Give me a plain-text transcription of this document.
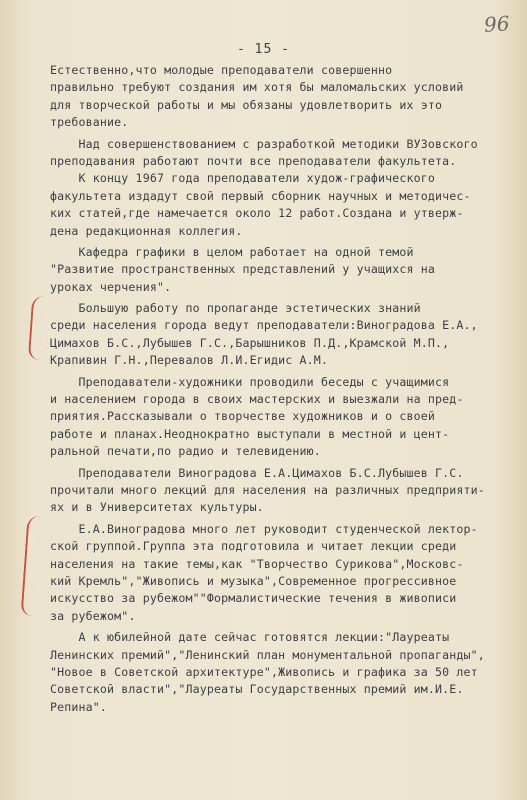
96
- 15 -
Естественно,что молодые преподаватели совершенно
правильно требуют создания им хотя бы маломальских условий
для творческой работы и мы обязаны удовлетворить их это
требование.
Над совершенствованием с разработкой методики ВУЗовского
преподавания работают почти все преподаватели факультета.
К концу 1967 года преподаватели худож-графического
факультета издадут свой первый сборник научных и методичес-
ких статей,где намечается около 12 работ.Создана и утверж-
дена редакционная коллегия.
Кафедра графики в целом работает на одной темой
"Развитие пространственных представлений у учащихся на
уроках черчения".
Большую работу по пропаганде эстетических знаний
среди населения города ведут преподаватели:Виноградова Е.А.,
Цимахов Б.С.,Лубышев Г.С.,Барышников П.Д.,Крамской М.П.,
Крапивин Г.Н.,Перевалов Л.И.Егидис А.М.
Преподаватели-художники проводили беседы с учащимися
и населением города в своих мастерских и выезжали на пред-
приятия.Рассказывали о творчестве художников и о своей
работе и планах.Неоднократно выступали в местной и цент-
ральной печати,по радио и телевидению.
Преподаватели Виноградова Е.А.Цимахов Б.С.Лубышев Г.С.
прочитали много лекций для населения на различных предприяти-
ях и в Университетах культуры.
Е.А.Виноградова много лет руководит студенческой лектор-
ской группой.Группа эта подготовила и читает лекции среди
населения на такие темы,как "Творчество Сурикова",Московс-
кий Кремль","Живопись и музыка",Современное прогрессивное
искусство за рубежом""Формалистические течения в живописи
за рубежом".
А к юбилейной дате сейчас готовятся лекции:"Лауреаты
Ленинских премий","Ленинский план монументальной пропаганды",
"Новое в Советской архитектуре",Живопись и графика за 50 лет
Советской власти","Лауреаты Государственных премий им.И.Е.
Репина".
